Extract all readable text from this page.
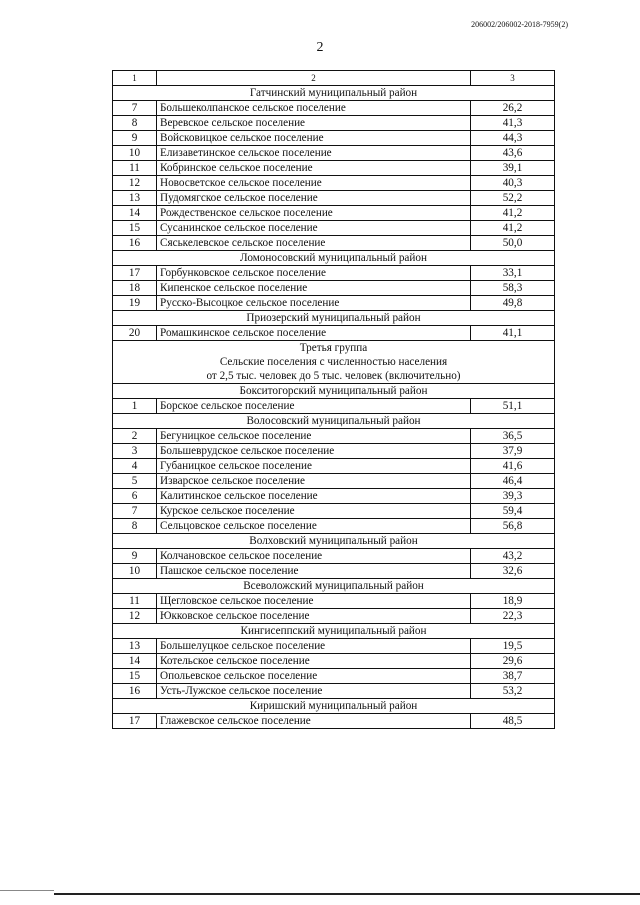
206002/206002-2018-7959(2)
2
1	2	3
Гатчинский муниципальный район		
7	Большеколпанское сельское поселение	26,2
8	Веревское сельское поселение	41,3
9	Войсковицкое сельское поселение	44,3
10	Елизаветинское сельское поселение	43,6
11	Кобринское сельское поселение	39,1
12	Новосветское сельское поселение	40,3
13	Пудомягское сельское поселение	52,2
14	Рождественское сельское поселение	41,2
15	Сусанинское сельское поселение	41,2
16	Сяськелевское сельское поселение	50,0
Ломоносовский муниципальный район		
17	Горбунковское сельское поселение	33,1
18	Кипенское сельское поселение	58,3
19	Русско-Высоцкое сельское поселение	49,8
Приозерский муниципальный район		
20	Ромашкинское сельское поселение	41,1

Третья группа
Сельские поселения с численностью населения
от 2,5 тыс. человек до 5 тыс. человек (включительно)		

Бокситогорский муниципальный район		
1	Борское сельское поселение	51,1
Волосовский муниципальный район		
2	Бегуницкое сельское поселение	36,5
3	Большеврудское сельское поселение	37,9
4	Губаницкое сельское поселение	41,6
5	Изварское сельское поселение	46,4
6	Калитинское сельское поселение	39,3
7	Курское сельское поселение	59,4
8	Сельцовское сельское поселение	56,8
Волховский муниципальный район		
9	Колчановское сельское поселение	43,2
10	Пашское сельское поселение	32,6
Всеволожский муниципальный район		
11	Щегловское сельское поселение	18,9
12	Юкковское сельское поселение	22,3
Кингисеппский муниципальный район		
13	Большелуцкое сельское поселение	19,5
14	Котельское сельское поселение	29,6
15	Опольевское сельское поселение	38,7
16	Усть-Лужское сельское поселение	53,2
Киришский муниципальный район		
17	Глажевское сельское поселение	48,5
